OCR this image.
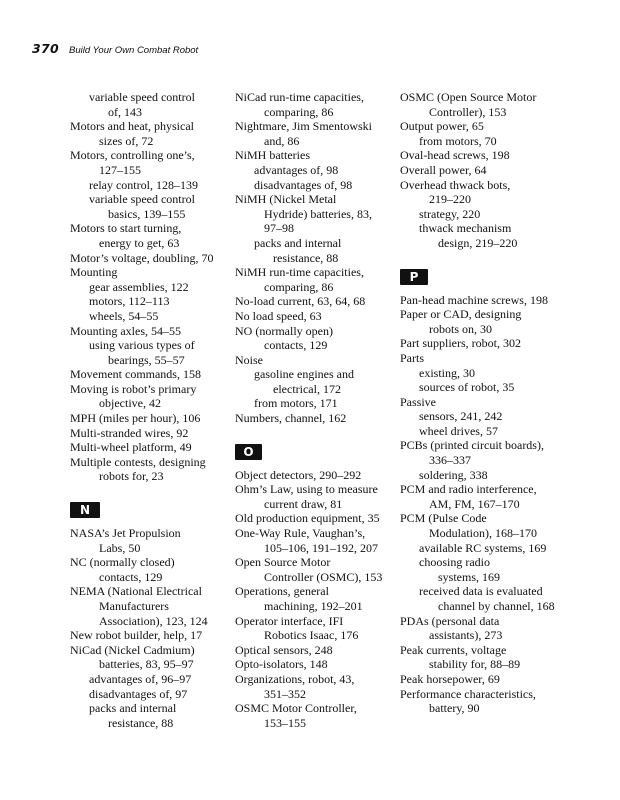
370 Build Your Own Combat Robot
variable speed control
of, 143
Motors and heat, physical
sizes of, 72
Motors, controlling one’s,
127–155
relay control, 128–139
variable speed control
basics, 139–155
Motors to start turning,
energy to get, 63
Motor’s voltage, doubling, 70
Mounting
gear assemblies, 122
motors, 112–113
wheels, 54–55
Mounting axles, 54–55
using various types of
bearings, 55–57
Movement commands, 158
Moving is robot’s primary
objective, 42
MPH (miles per hour), 106
Multi-stranded wires, 92
Multi-wheel platform, 49
Multiple contests, designing
robots for, 23
N
NASA’s Jet Propulsion
Labs, 50
NC (normally closed)
contacts, 129
NEMA (National Electrical
Manufacturers
Association), 123, 124
New robot builder, help, 17
NiCad (Nickel Cadmium)
batteries, 83, 95–97
advantages of, 96–97
disadvantages of, 97
packs and internal
resistance, 88
NiCad run-time capacities,
comparing, 86
Nightmare, Jim Smentowski
and, 86
NiMH batteries
advantages of, 98
disadvantages of, 98
NiMH (Nickel Metal
Hydride) batteries, 83,
97–98
packs and internal
resistance, 88
NiMH run-time capacities,
comparing, 86
No-load current, 63, 64, 68
No load speed, 63
NO (normally open)
contacts, 129
Noise
gasoline engines and
electrical, 172
from motors, 171
Numbers, channel, 162
O
Object detectors, 290–292
Ohm’s Law, using to measure
current draw, 81
Old production equipment, 35
One-Way Rule, Vaughan’s,
105–106, 191–192, 207
Open Source Motor
Controller (OSMC), 153
Operations, general
machining, 192–201
Operator interface, IFI
Robotics Isaac, 176
Optical sensors, 248
Opto-isolators, 148
Organizations, robot, 43,
351–352
OSMC Motor Controller,
153–155
OSMC (Open Source Motor
Controller), 153
Output power, 65
from motors, 70
Oval-head screws, 198
Overall power, 64
Overhead thwack bots,
219–220
strategy, 220
thwack mechanism
design, 219–220
P
Pan-head machine screws, 198
Paper or CAD, designing
robots on, 30
Part suppliers, robot, 302
Parts
existing, 30
sources of robot, 35
Passive
sensors, 241, 242
wheel drives, 57
PCBs (printed circuit boards),
336–337
soldering, 338
PCM and radio interference,
AM, FM, 167–170
PCM (Pulse Code
Modulation), 168–170
available RC systems, 169
choosing radio
systems, 169
received data is evaluated
channel by channel, 168
PDAs (personal data
assistants), 273
Peak currents, voltage
stability for, 88–89
Peak horsepower, 69
Performance characteristics,
battery, 90
